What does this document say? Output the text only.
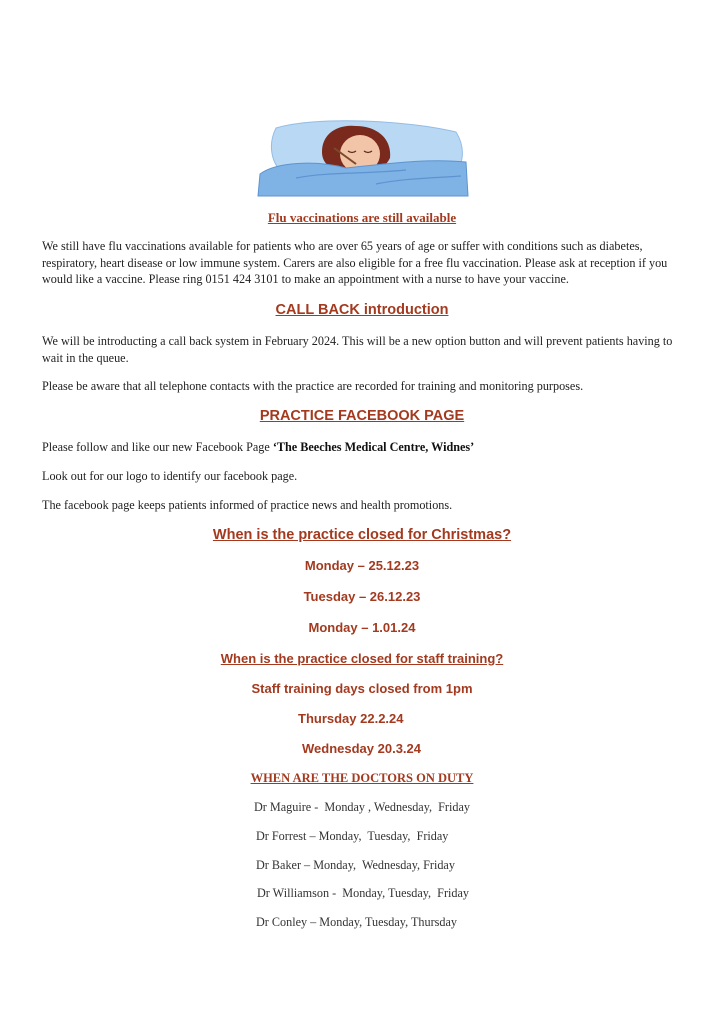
Flu vaccinations are still available

We still have flu vaccinations available for patients who are over 65 years of age or suffer with conditions such as diabetes, respiratory, heart disease or low immune system. Carers are also eligible for a free flu vaccination. Please ask at reception if you would like a vaccine. Please ring 0151 424 3101 to make an appointment with a nurse to have your vaccine.

CALL BACK introduction

We will be introducting a call back system in February 2024. This will be a new option button and will prevent patients having to wait in the queue.

Please be aware that all telephone contacts with the practice are recorded for training and monitoring purposes.

PRACTICE FACEBOOK PAGE

Please follow and like our new Facebook Page ‘The Beeches Medical Centre, Widnes’

Look out for our logo to identify our facebook page.

The facebook page keeps patients informed of practice news and health promotions.

When is the practice closed for Christmas?
Monday – 25.12.23
Tuesday – 26.12.23
Monday – 1.01.24
When is the practice closed for staff training?
Staff training days closed from 1pm
Thursday 22.2.24
Wednesday 20.3.24
WHEN ARE THE DOCTORS ON DUTY
Dr Maguire -  Monday , Wednesday,  Friday
Dr Forrest – Monday,  Tuesday,  Friday
Dr Baker – Monday,  Wednesday, Friday
Dr Williamson -  Monday, Tuesday,  Friday
Dr Conley – Monday, Tuesday, Thursday
